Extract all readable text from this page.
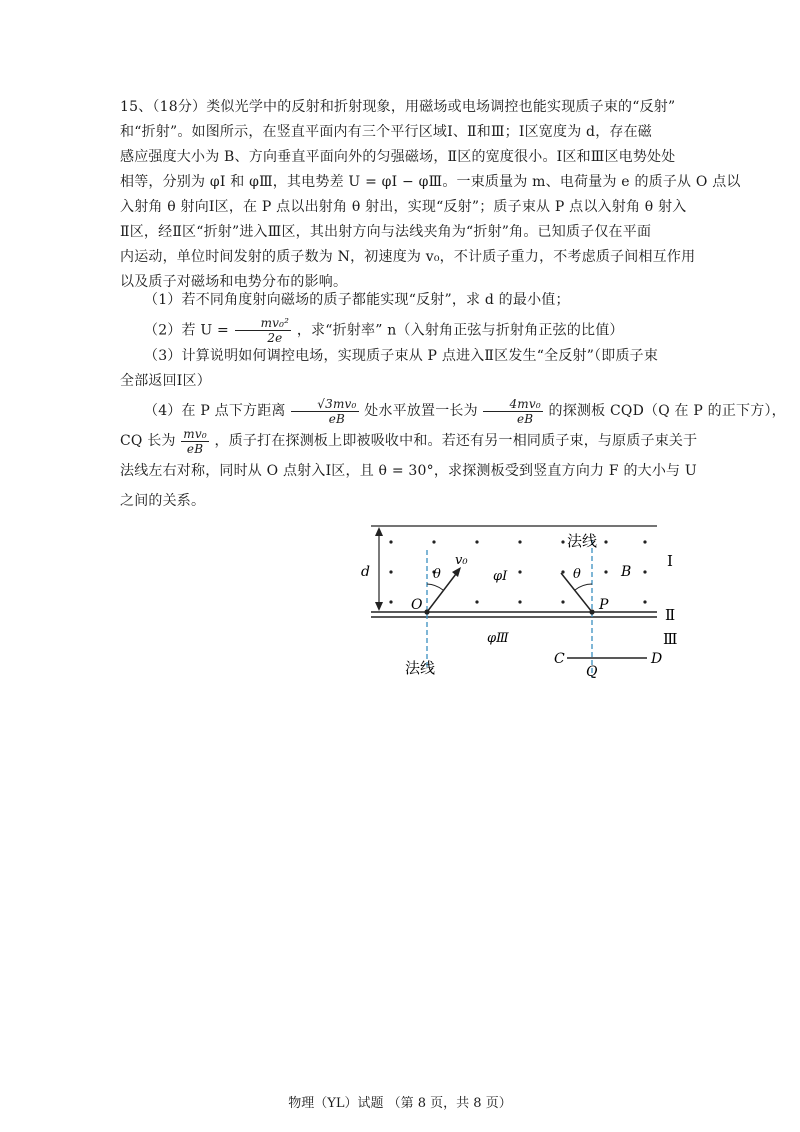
15、（18分）类似光学中的反射和折射现象，用磁场或电场调控也能实现质子束的“反射”
和“折射”。如图所示，在竖直平面内有三个平行区域Ⅰ、Ⅱ和Ⅲ；Ⅰ区宽度为 d，存在磁
感应强度大小为 B、方向垂直平面向外的匀强磁场，Ⅱ区的宽度很小。Ⅰ区和Ⅲ区电势处处
相等，分别为 φⅠ 和 φⅢ，其电势差 U = φⅠ − φⅢ。一束质量为 m、电荷量为 e 的质子从 O 点以
入射角 θ 射向Ⅰ区，在 P 点以出射角 θ 射出，实现“反射”；质子束从 P 点以入射角 θ 射入
Ⅱ区，经Ⅱ区“折射”进入Ⅲ区，其出射方向与法线夹角为“折射”角。已知质子仅在平面
内运动，单位时间发射的质子数为 N，初速度为 v₀，不计质子重力，不考虑质子间相互作用
以及质子对磁场和电势分布的影响。

（1）若不同角度射向磁场的质子都能实现“反射”，求 d 的最小值；

（2）若 $U = \frac{\text{mv₀²}}{2e}$ ，求“折射率” n（入射角正弦与折射角正弦的比值）

（3）计算说明如何调控电场，实现质子束从 P 点进入Ⅱ区发生“全反射”（即质子束
全部返回Ⅰ区）
（4）在 P 点下方距离 $\frac{\text{√3mv₀}}{eB}$ 处水平放置一长为 $\frac{\text{4mv₀}}{eB}$ 的探测板 CQD（Q 在 P 的正下方），
CQ 长为 $\frac{\text{mv₀}}{eB}$ ，质子打在探测板上即被吸收中和。若还有另一相同质子束，与原质子束关于
法线左右对称，同时从 O 点射入Ⅰ区，且 θ = 30°，求探测板受到竖直方向力 F 的大小与 U
之间的关系。
d
法线
法线
O
v₀
θ
P
θ
φⅠ
φⅢ
B
Ⅰ
Ⅱ
Ⅲ
C
Q
D
物理（YL）试题 （第 8 页，共 8 页）
